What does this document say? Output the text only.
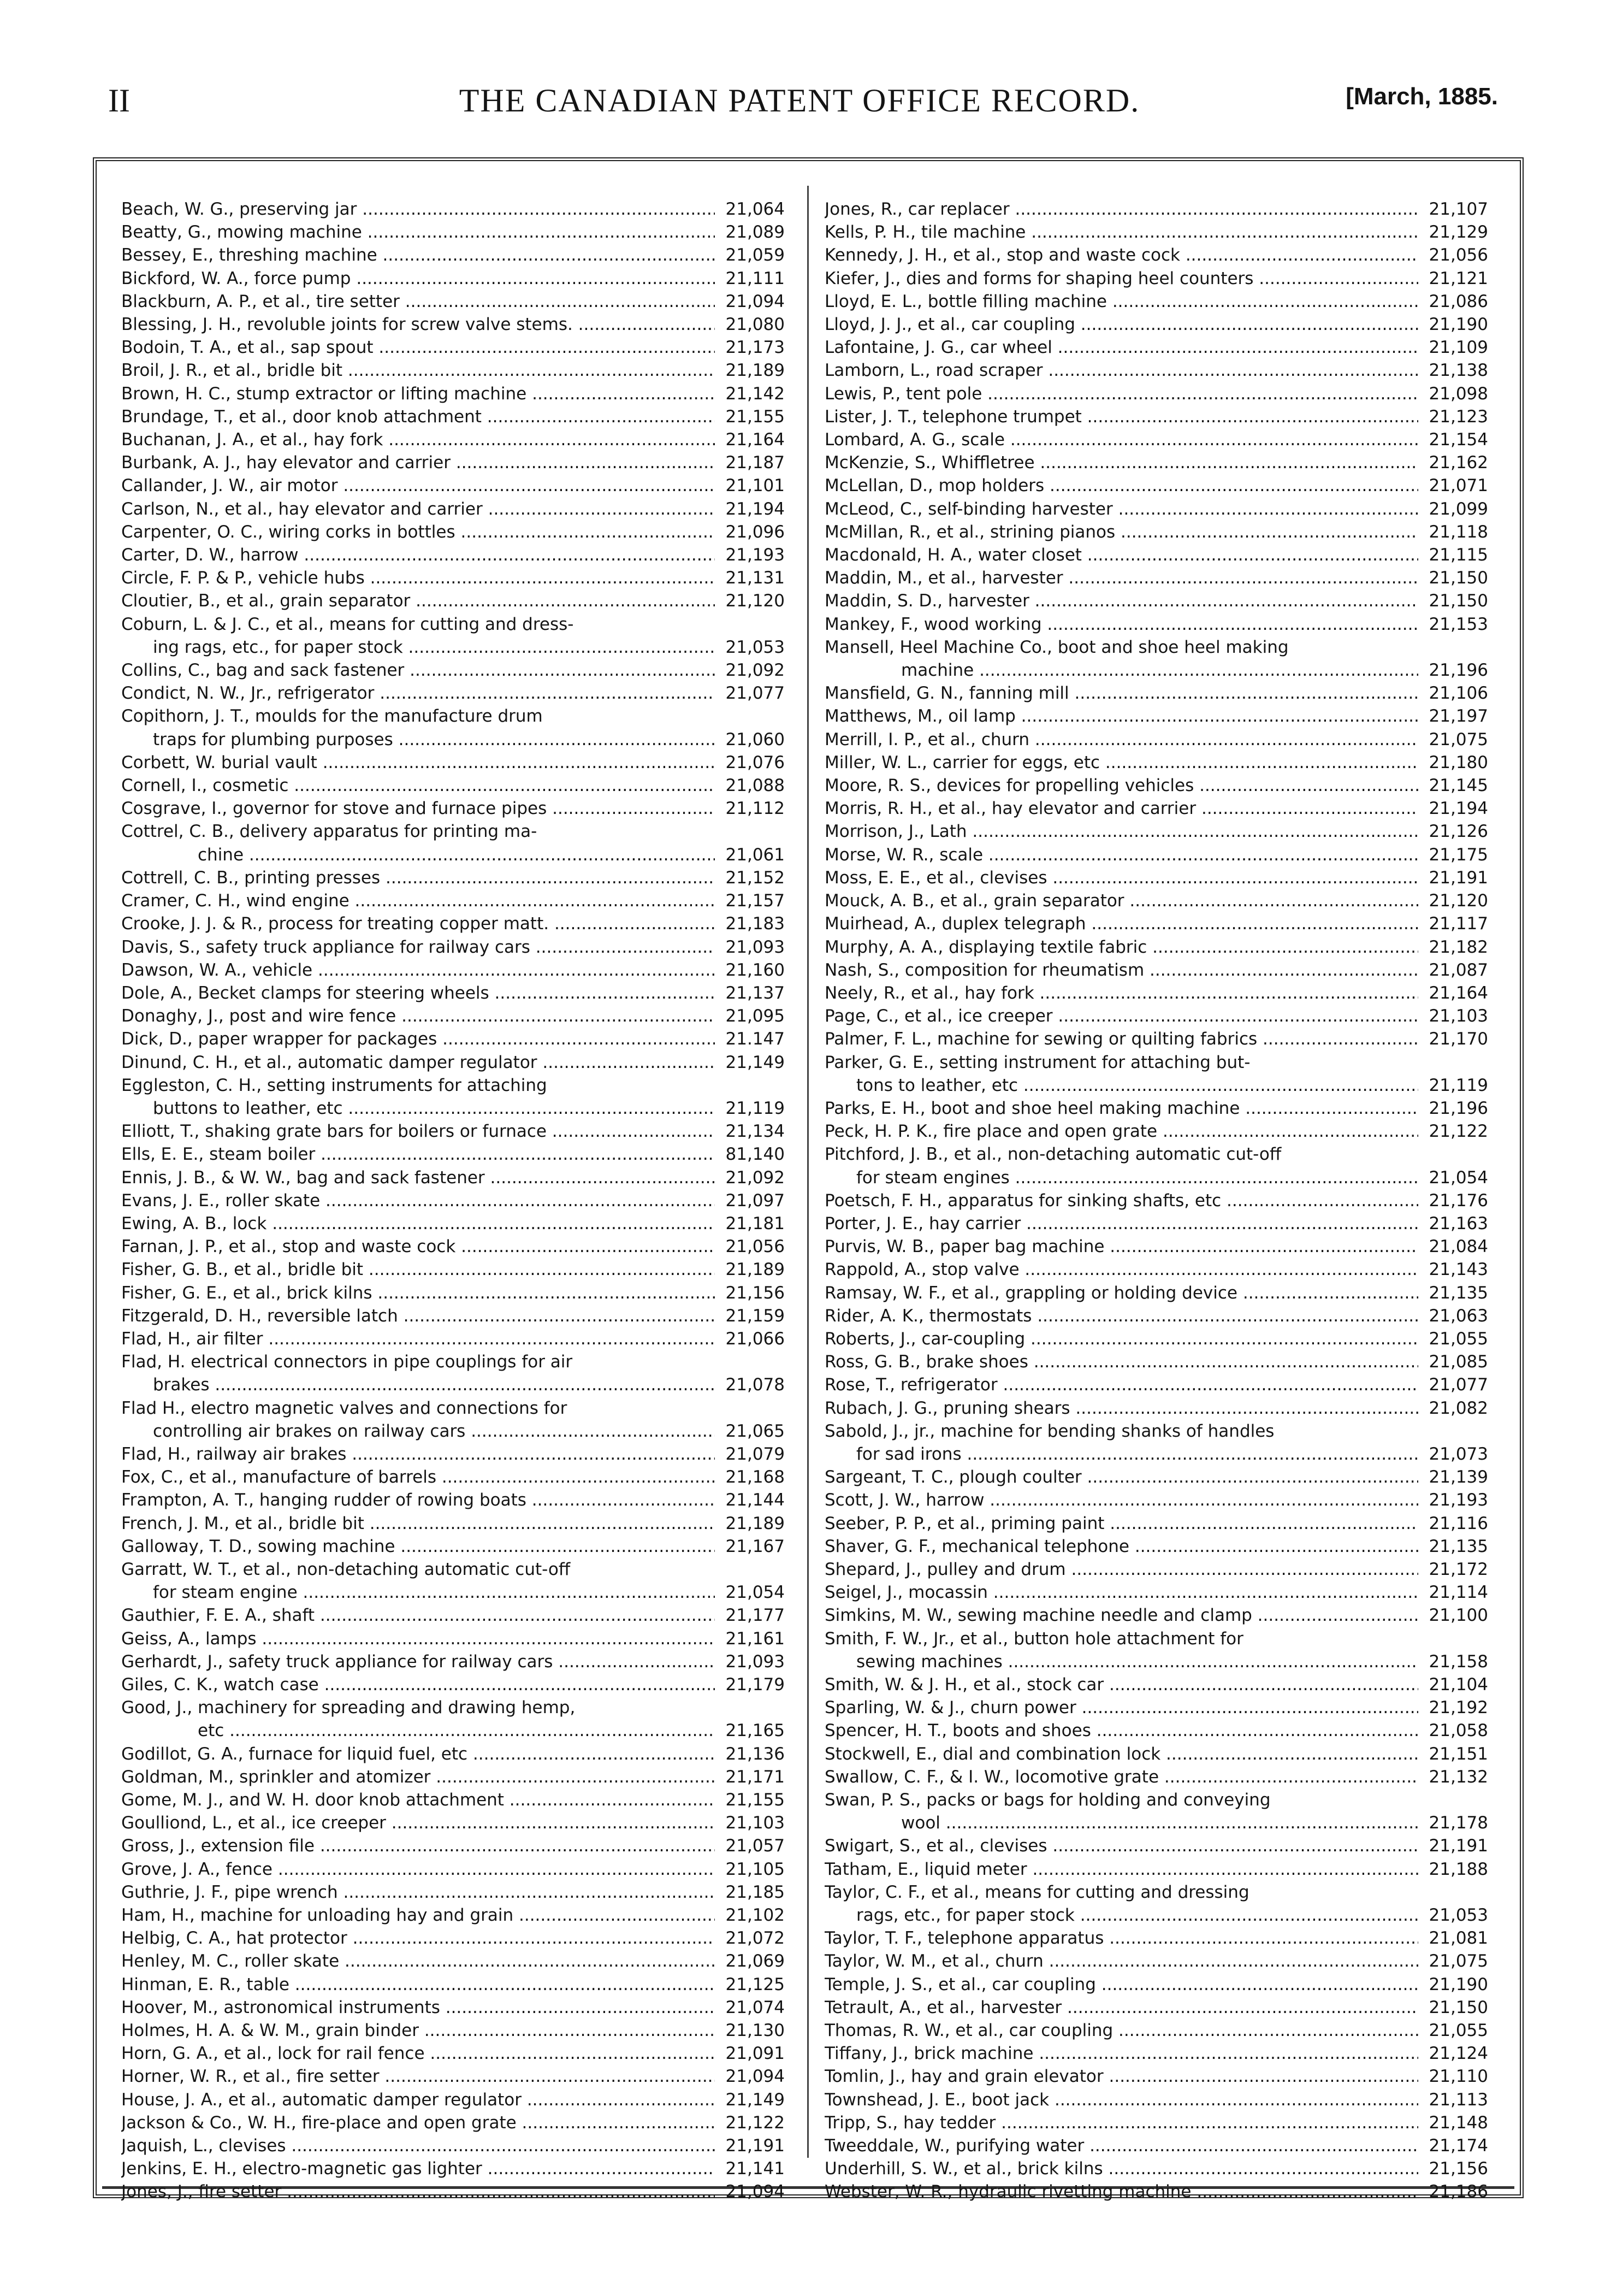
II	THE CANADIAN PATENT OFFICE RECORD.	[March, 1885.
Beach, W. G., preserving jar .....	21,064
Beatty, G., mowing machine .....	21,089
Bessey, E., threshing machine .....	21,059
Bickford, W. A., force pump .....	21,111
Blackburn, A. P., et al., tire setter .....	21,094
Blessing, J. H., revoluble joints for screw valve stems. .....	21,080
Bodoin, T. A., et al., sap spout .....	21,173
Broil, J. R., et al., bridle bit .....	21,189
Brown, H. C., stump extractor or lifting machine .....	21,142
Brundage, T., et al., door knob attachment .....	21,155
Buchanan, J. A., et al., hay fork .....	21,164
Burbank, A. J., hay elevator and carrier .....	21,187
Callander, J. W., air motor .....	21,101
Carlson, N., et al., hay elevator and carrier .....	21,194
Carpenter, O. C., wiring corks in bottles .....	21,096
Carter, D. W., harrow .....	21,193
Circle, F. P. & P., vehicle hubs .....	21,131
Cloutier, B., et al., grain separator .....	21,120
Coburn, L. & J. C., et al., means for cutting and dress-
ing rags, etc., for paper stock .....	21,053
Collins, C., bag and sack fastener .....	21,092
Condict, N. W., Jr., refrigerator .....	21,077
Copithorn, J. T., moulds for the manufacture drum
traps for plumbing purposes .....	21,060
Corbett, W. burial vault .....	21,076
Cornell, I., cosmetic .....	21,088
Cosgrave, I., governor for stove and furnace pipes .....	21,112
Cottrel, C. B., delivery apparatus for printing ma-
chine .....	21,061
Cottrell, C. B., printing presses .....	21,152
Cramer, C. H., wind engine .....	21,157
Crooke, J. J. & R., process for treating copper matt. .....	21,183
Davis, S., safety truck appliance for railway cars .....	21,093
Dawson, W. A., vehicle .....	21,160
Dole, A., Becket clamps for steering wheels .....	21,137
Donaghy, J., post and wire fence .....	21,095
Dick, D., paper wrapper for packages .....	21.147
Dinund, C. H., et al., automatic damper regulator .....	21,149
Eggleston, C. H., setting instruments for attaching
buttons to leather, etc .....	21,119
Elliott, T., shaking grate bars for boilers or furnace .....	21,134
Ells, E. E., steam boiler .....	81,140
Ennis, J. B., & W. W., bag and sack fastener .....	21,092
Evans, J. E., roller skate .....	21,097
Ewing, A. B., lock .....	21,181
Farnan, J. P., et al., stop and waste cock .....	21,056
Fisher, G. B., et al., bridle bit .....	21,189
Fisher, G. E., et al., brick kilns .....	21,156
Fitzgerald, D. H., reversible latch .....	21,159
Flad, H., air filter .....	21,066
Flad, H. electrical connectors in pipe couplings for air
brakes .....	21,078
Flad H., electro magnetic valves and connections for
controlling air brakes on railway cars .....	21,065
Flad, H., railway air brakes .....	21,079
Fox, C., et al., manufacture of barrels .....	21,168
Frampton, A. T., hanging rudder of rowing boats .....	21,144
French, J. M., et al., bridle bit .....	21,189
Galloway, T. D., sowing machine .....	21,167
Garratt, W. T., et al., non-detaching automatic cut-off
for steam engine .....	21,054
Gauthier, F. E. A., shaft .....	21,177
Geiss, A., lamps .....	21,161
Gerhardt, J., safety truck appliance for railway cars .....	21,093
Giles, C. K., watch case .....	21,179
Good, J., machinery for spreading and drawing hemp,
etc .....	21,165
Godillot, G. A., furnace for liquid fuel, etc .....	21,136
Goldman, M., sprinkler and atomizer .....	21,171
Gome, M. J., and W. H. door knob attachment .....	21,155
Goulliond, L., et al., ice creeper .....	21,103
Gross, J., extension file .....	21,057
Grove, J. A., fence .....	21,105
Guthrie, J. F., pipe wrench .....	21,185
Ham, H., machine for unloading hay and grain .....	21,102
Helbig, C. A., hat protector .....	21,072
Henley, M. C., roller skate .....	21,069
Hinman, E. R., table .....	21,125
Hoover, M., astronomical instruments .....	21,074
Holmes, H. A. & W. M., grain binder .....	21,130
Horn, G. A., et al., lock for rail fence .....	21,091
Horner, W. R., et al., fire setter .....	21,094
House, J. A., et al., automatic damper regulator .....	21,149
Jackson & Co., W. H., fire-place and open grate .....	21,122
Jaquish, L., clevises .....	21,191
Jenkins, E. H., electro-magnetic gas lighter .....	21,141
Jones, J., fire setter .....	21,094
Jones, R., car replacer .....	21,107
Kells, P. H., tile machine .....	21,129
Kennedy, J. H., et al., stop and waste cock .....	21,056
Kiefer, J., dies and forms for shaping heel counters .....	21,121
Lloyd, E. L., bottle filling machine .....	21,086
Lloyd, J. J., et al., car coupling .....	21,190
Lafontaine, J. G., car wheel .....	21,109
Lamborn, L., road scraper .....	21,138
Lewis, P., tent pole .....	21,098
Lister, J. T., telephone trumpet .....	21,123
Lombard, A. G., scale .....	21,154
McKenzie, S., Whiffletree .....	21,162
McLellan, D., mop holders .....	21,071
McLeod, C., self-binding harvester .....	21,099
McMillan, R., et al., strining pianos .....	21,118
Macdonald, H. A., water closet .....	21,115
Maddin, M., et al., harvester .....	21,150
Maddin, S. D., harvester .....	21,150
Mankey, F., wood working .....	21,153
Mansell, Heel Machine Co., boot and shoe heel making
machine .....	21,196
Mansfield, G. N., fanning mill .....	21,106
Matthews, M., oil lamp .....	21,197
Merrill, I. P., et al., churn .....	21,075
Miller, W. L., carrier for eggs, etc .....	21,180
Moore, R. S., devices for propelling vehicles .....	21,145
Morris, R. H., et al., hay elevator and carrier .....	21,194
Morrison, J., Lath .....	21,126
Morse, W. R., scale .....	21,175
Moss, E. E., et al., clevises .....	21,191
Mouck, A. B., et al., grain separator .....	21,120
Muirhead, A., duplex telegraph .....	21,117
Murphy, A. A., displaying textile fabric .....	21,182
Nash, S., composition for rheumatism .....	21,087
Neely, R., et al., hay fork .....	21,164
Page, C., et al., ice creeper .....	21,103
Palmer, F. L., machine for sewing or quilting fabrics .....	21,170
Parker, G. E., setting instrument for attaching but-
tons to leather, etc .....	21,119
Parks, E. H., boot and shoe heel making machine .....	21,196
Peck, H. P. K., fire place and open grate .....	21,122
Pitchford, J. B., et al., non-detaching automatic cut-off
for steam engines .....	21,054
Poetsch, F. H., apparatus for sinking shafts, etc .....	21,176
Porter, J. E., hay carrier .....	21,163
Purvis, W. B., paper bag machine .....	21,084
Rappold, A., stop valve .....	21,143
Ramsay, W. F., et al., grappling or holding device .....	21,135
Rider, A. K., thermostats .....	21,063
Roberts, J., car-coupling .....	21,055
Ross, G. B., brake shoes .....	21,085
Rose, T., refrigerator .....	21,077
Rubach, J. G., pruning shears .....	21,082
Sabold, J., jr., machine for bending shanks of handles
for sad irons .....	21,073
Sargeant, T. C., plough coulter .....	21,139
Scott, J. W., harrow .....	21,193
Seeber, P. P., et al., priming paint .....	21,116
Shaver, G. F., mechanical telephone .....	21,135
Shepard, J., pulley and drum .....	21,172
Seigel, J., mocassin .....	21,114
Simkins, M. W., sewing machine needle and clamp .....	21,100
Smith, F. W., Jr., et al., button hole attachment for
sewing machines .....	21,158
Smith, W. & J. H., et al., stock car .....	21,104
Sparling, W. & J., churn power .....	21,192
Spencer, H. T., boots and shoes .....	21,058
Stockwell, E., dial and combination lock .....	21,151
Swallow, C. F., & I. W., locomotive grate .....	21,132
Swan, P. S., packs or bags for holding and conveying
wool .....	21,178
Swigart, S., et al., clevises .....	21,191
Tatham, E., liquid meter .....	21,188
Taylor, C. F., et al., means for cutting and dressing
rags, etc., for paper stock .....	21,053
Taylor, T. F., telephone apparatus .....	21,081
Taylor, W. M., et al., churn .....	21,075
Temple, J. S., et al., car coupling .....	21,190
Tetrault, A., et al., harvester .....	21,150
Thomas, R. W., et al., car coupling .....	21,055
Tiffany, J., brick machine .....	21,124
Tomlin, J., hay and grain elevator .....	21,110
Townshead, J. E., boot jack .....	21,113
Tripp, S., hay tedder .....	21,148
Tweeddale, W., purifying water .....	21,174
Underhill, S. W., et al., brick kilns .....	21,156
Webster, W. R., hydraulic rivetting machine .....	21,186
